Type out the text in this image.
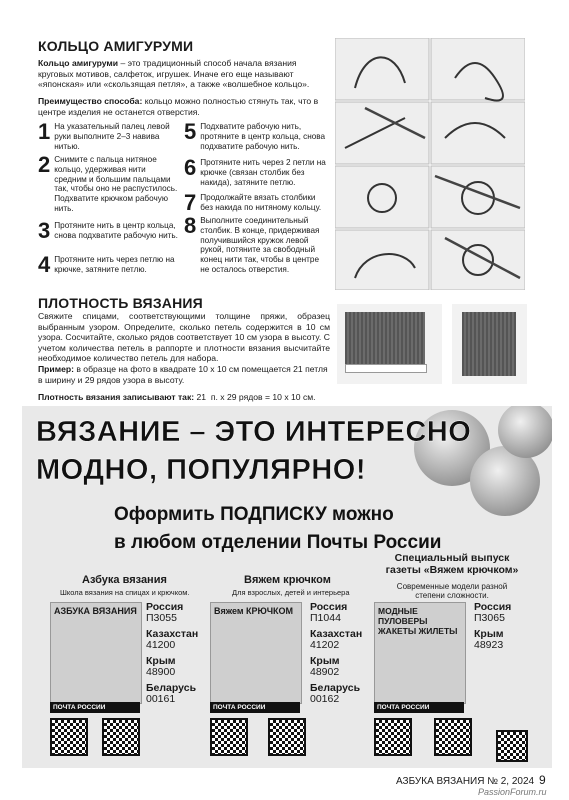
КОЛЬЦО АМИГУРУМИ
Кольцо амигуруми – это традиционный способ начала вязания круговых мотивов, салфеток, игрушек. Иначе его еще называют «японская» или «скользящая петля», а также «волшебное кольцо».
Преимущество способа: кольцо можно полностью стянуть так, что в центре изделия не останется отверстия.
1 На указательный палец левой руки выполните 2–3 навива нитью.
2 Снимите с пальца нитяное кольцо, удерживая нити средним и большим пальцами так, чтобы оно не распустилось. Подхватите крючком рабочую нить.
3 Протяните нить в центр кольца, снова подхватите рабочую нить.
4 Протяните нить через петлю на крючке, затяните петлю.
5 Подхватите рабочую нить, протяните в центр кольца, снова подхватите рабочую нить.
6 Протяните нить через 2 петли на крючке (связан столбик без накида), затяните петлю.
7 Продолжайте вязать столбики без накида по нитяному кольцу.
8 Выполните соединительный столбик. В конце, придерживая получившийся кружок левой рукой, потяните за свободный конец нити так, чтобы в центре не осталось отверстия.
ПЛОТНОСТЬ ВЯЗАНИЯ
Свяжите спицами, соответствующими толщине пряжи, образец выбранным узором. Определите, сколько петель содержится в 10 см узора. Сосчитайте, сколько рядов соответствует 10 см узора в высоту. С учетом количества петель в раппорте и плотности вязания высчитайте необходимое количество петель для набора.
Пример: в образце на фото в квадрате 10 х 10 см помещается 21 петля в ширину и 29 рядов узора в высоту.
Плотность вязания записывают так: 21 п. х 29 рядов = 10 х 10 см.
ВЯЗАНИЕ – ЭТО ИНТЕРЕСНО
МОДНО, ПОПУЛЯРНО!
Оформить ПОДПИСКУ можно
в любом отделении Почты России
Специальный выпуск газеты «Вяжем крючком»
Современные модели разной степени сложности.
Азбука вязания
Школа вязания на спицах и крючком.
АЗБУКА ВЯЗАНИЯ
ПОЧТА РОССИИ
Россия
П3055
Казахстан
41200
Крым
48900
Беларусь
00161
Вяжем крючком
Для взрослых, детей и интерьера
Вяжем КРЮЧКОМ
ПОЧТА РОССИИ
Россия
П1044
Казахстан
41202
Крым
48902
Беларусь
00162
МОДНЫЕ ПУЛОВЕРЫ ЖАКЕТЫ ЖИЛЕТЫ
ПОЧТА РОССИИ
Россия
П3065
Крым
48923
АЗБУКА ВЯЗАНИЯ № 2, 2024 9
PassionForum.ru
